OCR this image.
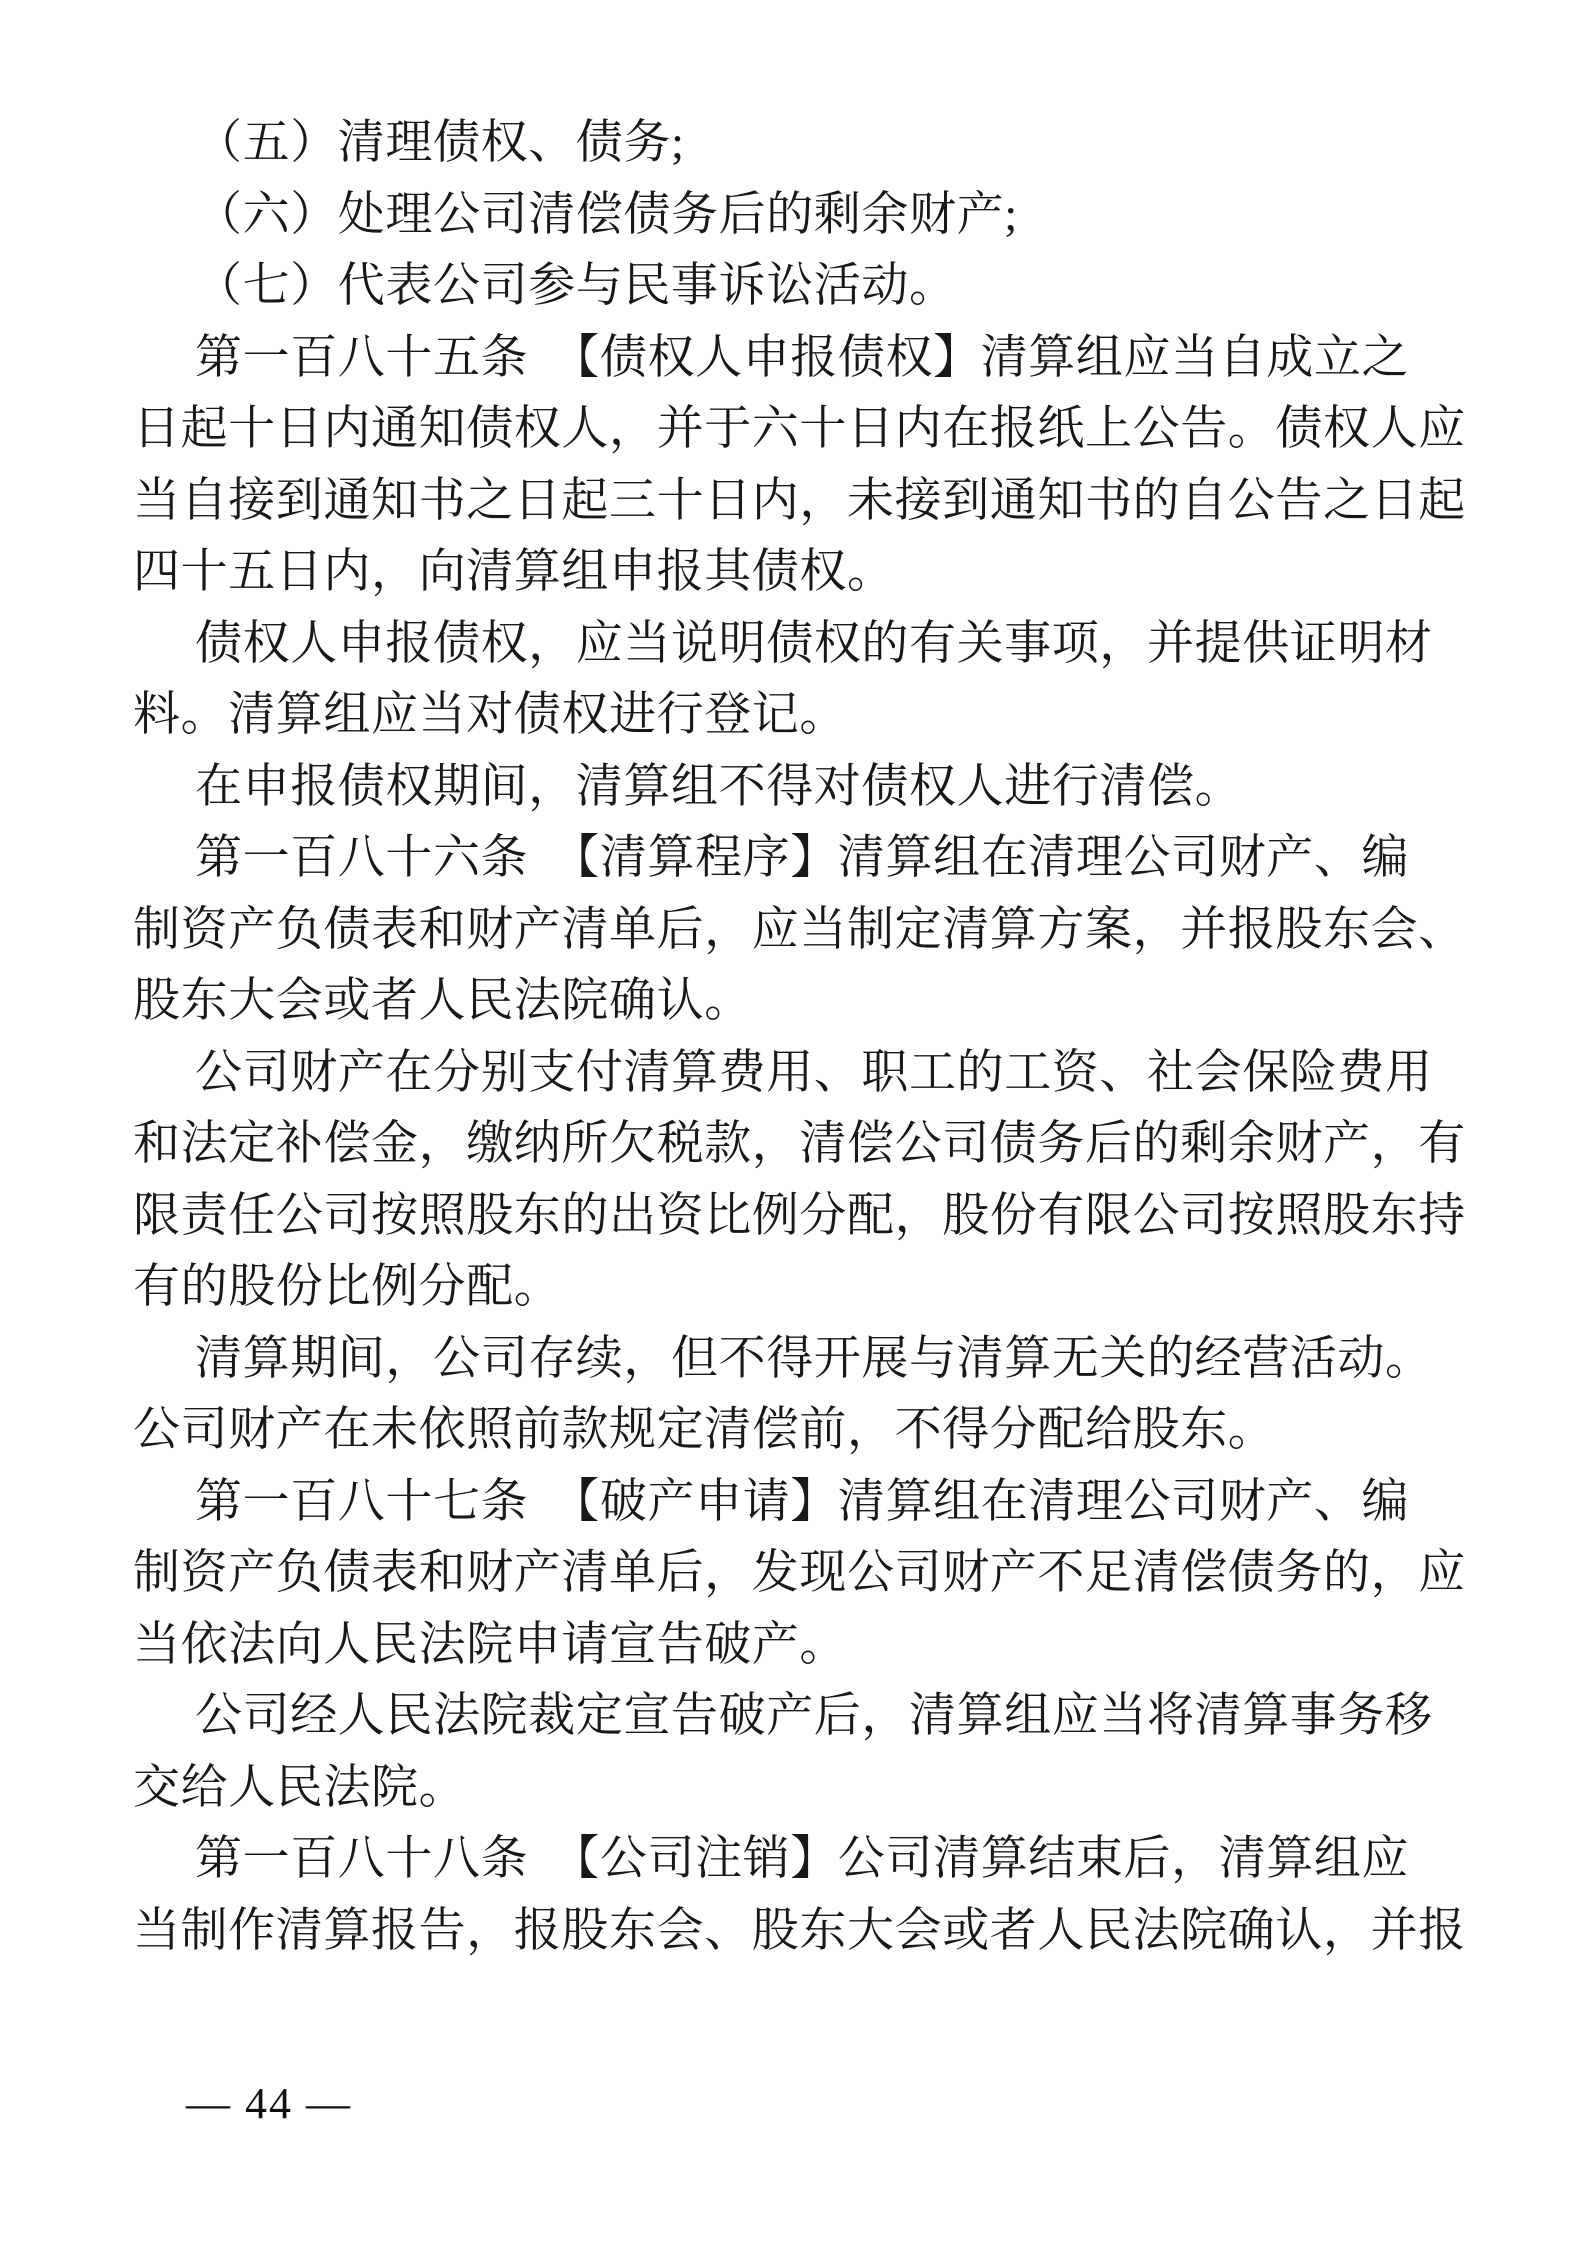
（五）清理债权、债务;
（六）处理公司清偿债务后的剩余财产;
（七）代表公司参与民事诉讼活动。
第一百八十五条　【债权人申报债权】清算组应当自成立之
日起十日内通知债权人，并于六十日内在报纸上公告。债权人应
当自接到通知书之日起三十日内，未接到通知书的自公告之日起
四十五日内，向清算组申报其债权。
债权人申报债权，应当说明债权的有关事项，并提供证明材
料。清算组应当对债权进行登记。
在申报债权期间，清算组不得对债权人进行清偿。
第一百八十六条　【清算程序】清算组在清理公司财产、编
制资产负债表和财产清单后，应当制定清算方案，并报股东会、
股东大会或者人民法院确认。
公司财产在分别支付清算费用、职工的工资、社会保险费用
和法定补偿金，缴纳所欠税款，清偿公司债务后的剩余财产，有
限责任公司按照股东的出资比例分配，股份有限公司按照股东持
有的股份比例分配。
清算期间，公司存续，但不得开展与清算无关的经营活动。
公司财产在未依照前款规定清偿前，不得分配给股东。
第一百八十七条　【破产申请】清算组在清理公司财产、编
制资产负债表和财产清单后，发现公司财产不足清偿债务的，应
当依法向人民法院申请宣告破产。
公司经人民法院裁定宣告破产后，清算组应当将清算事务移
交给人民法院。
第一百八十八条　【公司注销】公司清算结束后，清算组应
当制作清算报告，报股东会、股东大会或者人民法院确认，并报
— 44 —
